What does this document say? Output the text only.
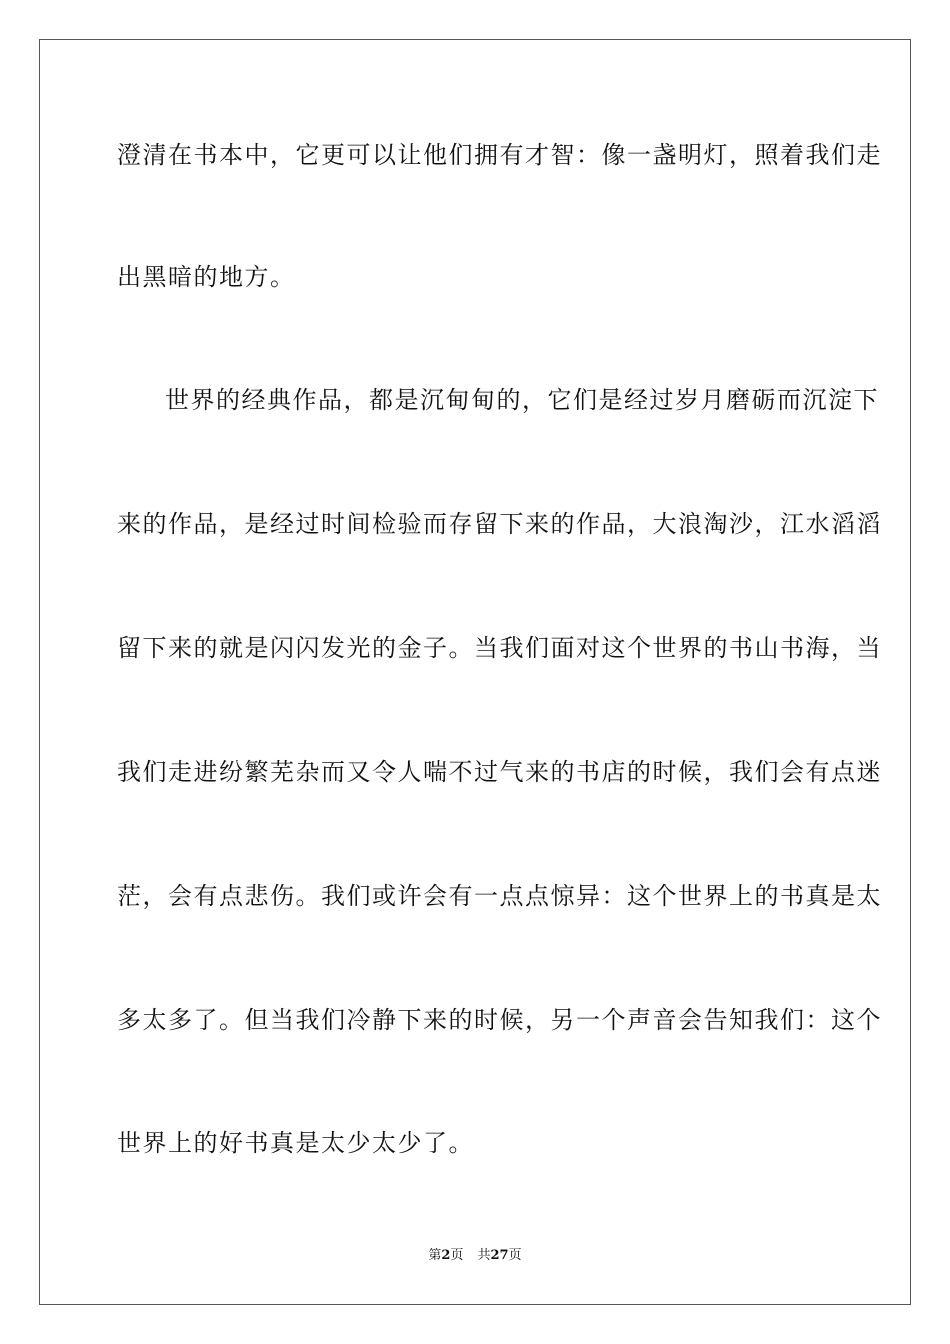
澄清在书本中，它更可以让他们拥有才智：像一盏明灯，照着我们走
出黑暗的地方。
世界的经典作品，都是沉甸甸的，它们是经过岁月磨砺而沉淀下
来的作品，是经过时间检验而存留下来的作品，大浪淘沙，江水滔滔
留下来的就是闪闪发光的金子。当我们面对这个世界的书山书海，当
我们走进纷繁芜杂而又令人喘不过气来的书店的时候，我们会有点迷
茫，会有点悲伤。我们或许会有一点点惊异：这个世界上的书真是太
多太多了。但当我们冷静下来的时候，另一个声音会告知我们：这个
世界上的好书真是太少太少了。
第2页 共27页
